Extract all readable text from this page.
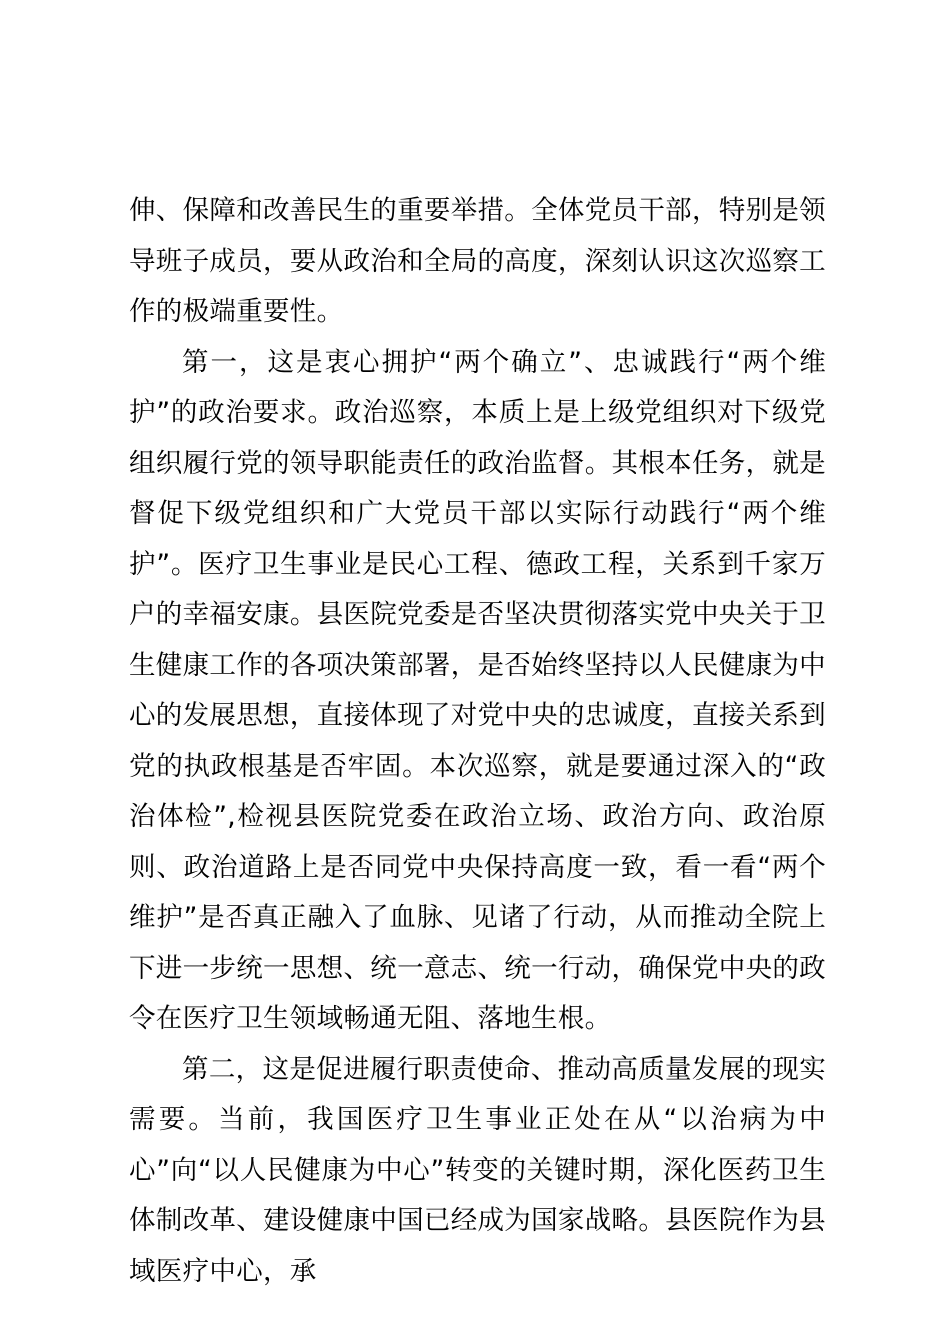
伸、保障和改善民生的重要举措。全体党员干部，特别是领导班子成员，要从政治和全局的高度，深刻认识这次巡察工作的极端重要性。

第一，这是衷心拥护“两个确立”、忠诚践行“两个维护”的政治要求。政治巡察，本质上是上级党组织对下级党组织履行党的领导职能责任的政治监督。其根本任务，就是督促下级党组织和广大党员干部以实际行动践行“两个维护”。医疗卫生事业是民心工程、德政工程，关系到千家万户的幸福安康。县医院党委是否坚决贯彻落实党中央关于卫生健康工作的各项决策部署，是否始终坚持以人民健康为中心的发展思想，直接体现了对党中央的忠诚度，直接关系到党的执政根基是否牢固。本次巡察，就是要通过深入的“政治体检”,检视县医院党委在政治立场、政治方向、政治原则、政治道路上是否同党中央保持高度一致，看一看“两个维护”是否真正融入了血脉、见诸了行动，从而推动全院上下进一步统一思想、统一意志、统一行动，确保党中央的政令在医疗卫生领域畅通无阻、落地生根。

第二，这是促进履行职责使命、推动高质量发展的现实需要。当前，我国医疗卫生事业正处在从“以治病为中心”向“以人民健康为中心”转变的关键时期，深化医药卫生体制改革、建设健康中国已经成为国家战略。县医院作为县域医疗中心，承
